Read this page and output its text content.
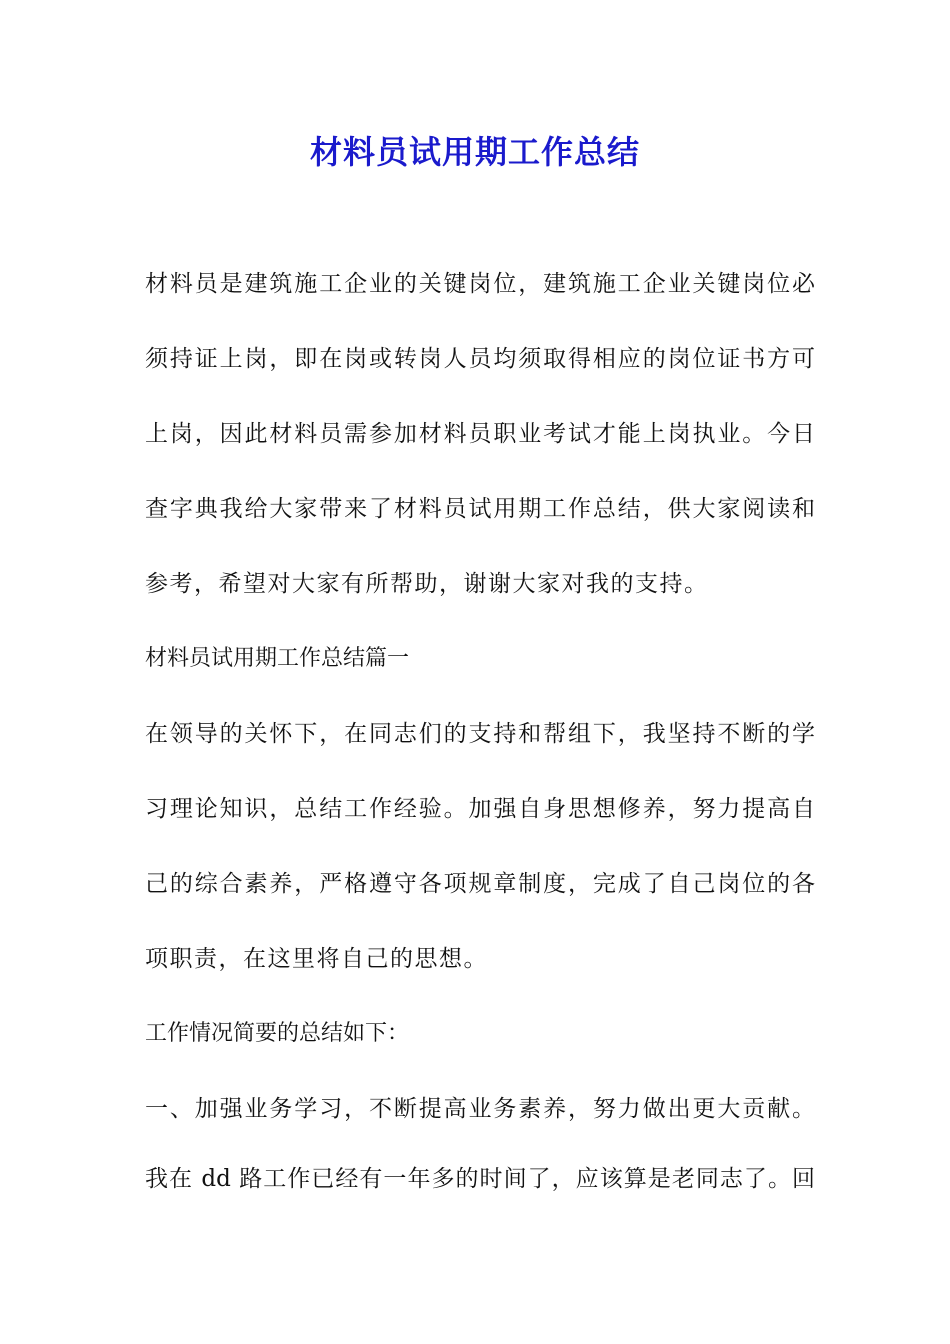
材料员试用期工作总结
材料员是建筑施工企业的关键岗位，建筑施工企业关键岗位必
须持证上岗，即在岗或转岗人员均须取得相应的岗位证书方可
上岗，因此材料员需参加材料员职业考试才能上岗执业。今日
查字典我给大家带来了材料员试用期工作总结，供大家阅读和
参考，希望对大家有所帮助，谢谢大家对我的支持。
材料员试用期工作总结篇一
在领导的关怀下，在同志们的支持和帮组下，我坚持不断的学
习理论知识，总结工作经验。加强自身思想修养，努力提高自
己的综合素养，严格遵守各项规章制度，完成了自己岗位的各
项职责，在这里将自己的思想。
工作情况简要的总结如下：
一、加强业务学习，不断提高业务素养，努力做出更大贡献。
我在 dd 路工作已经有一年多的时间了，应该算是老同志了。回
